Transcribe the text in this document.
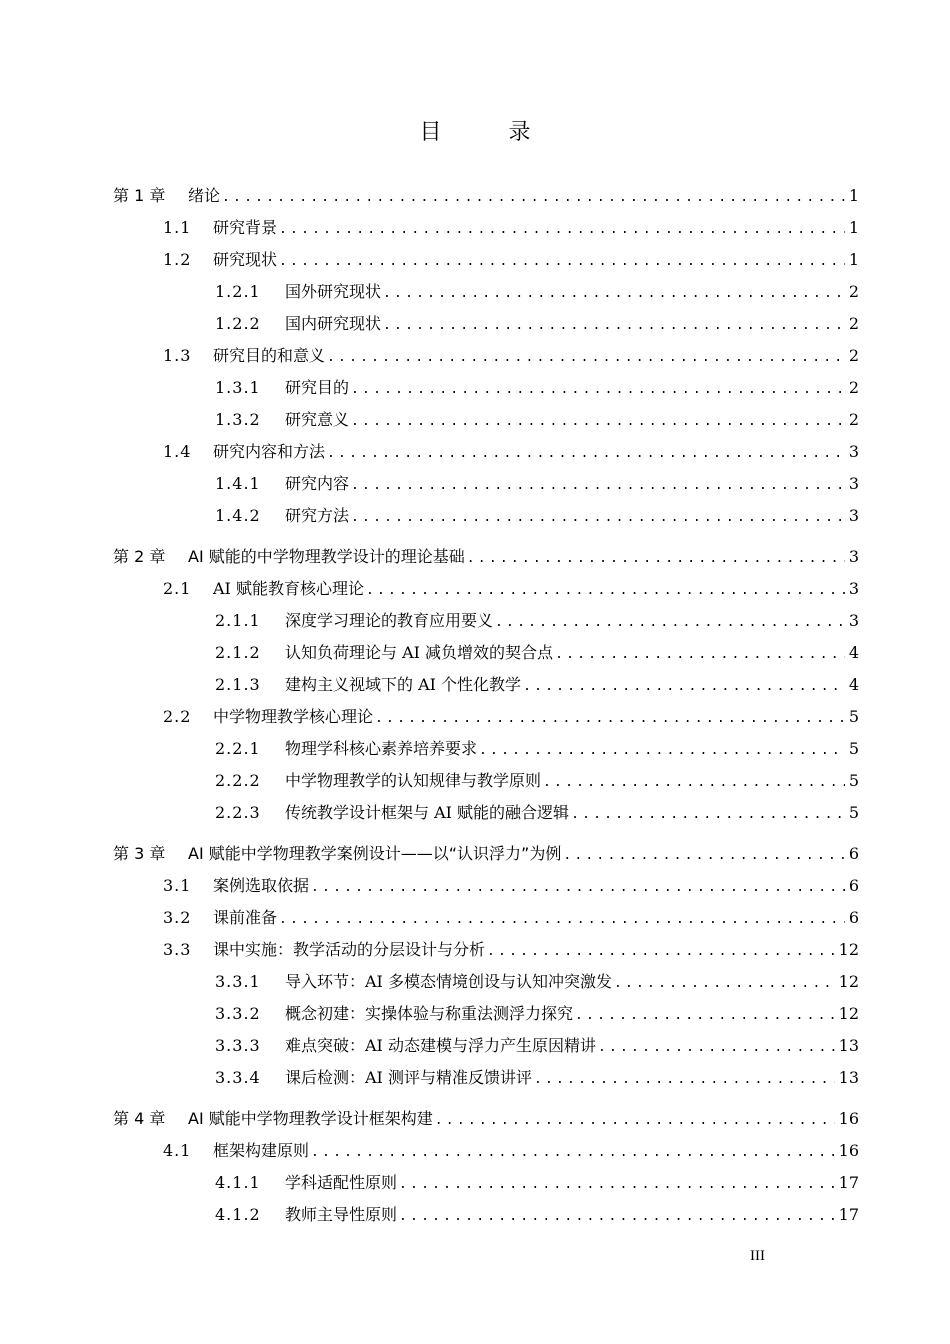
目 录
第 1 章	绪论 .....	1
1.1	研究背景 .....	1
1.2	研究现状 .....	1
1.2.1	国外研究现状 .....	2
1.2.2	国内研究现状 .....	2
1.3	研究目的和意义 .....	2
1.3.1	研究目的 .....	2
1.3.2	研究意义 .....	2
1.4	研究内容和方法 .....	3
1.4.1	研究内容 .....	3
1.4.2	研究方法 .....	3
第 2 章	AI 赋能的中学物理教学设计的理论基础 .....	3
2.1	AI 赋能教育核心理论 .....	3
2.1.1	深度学习理论的教育应用要义 .....	3
2.1.2	认知负荷理论与 AI 减负增效的契合点 .....	4
2.1.3	建构主义视域下的 AI 个性化教学 .....	4
2.2	中学物理教学核心理论 .....	5
2.2.1	物理学科核心素养培养要求 .....	5
2.2.2	中学物理教学的认知规律与教学原则 .....	5
2.2.3	传统教学设计框架与 AI 赋能的融合逻辑 .....	5
第 3 章	AI 赋能中学物理教学案例设计——以“认识浮力”为例 .....	6
3.1	案例选取依据 .....	6
3.2	课前准备 .....	6
3.3	课中实施：教学活动的分层设计与分析 .....	12
3.3.1	导入环节：AI 多模态情境创设与认知冲突激发 .....	12
3.3.2	概念初建：实操体验与称重法测浮力探究 .....	12
3.3.3	难点突破：AI 动态建模与浮力产生原因精讲 .....	13
3.3.4	课后检测：AI 测评与精准反馈讲评 .....	13
第 4 章	AI 赋能中学物理教学设计框架构建 .....	16
4.1	框架构建原则 .....	16
4.1.1	学科适配性原则 .....	17
4.1.2	教师主导性原则 .....	17
III
